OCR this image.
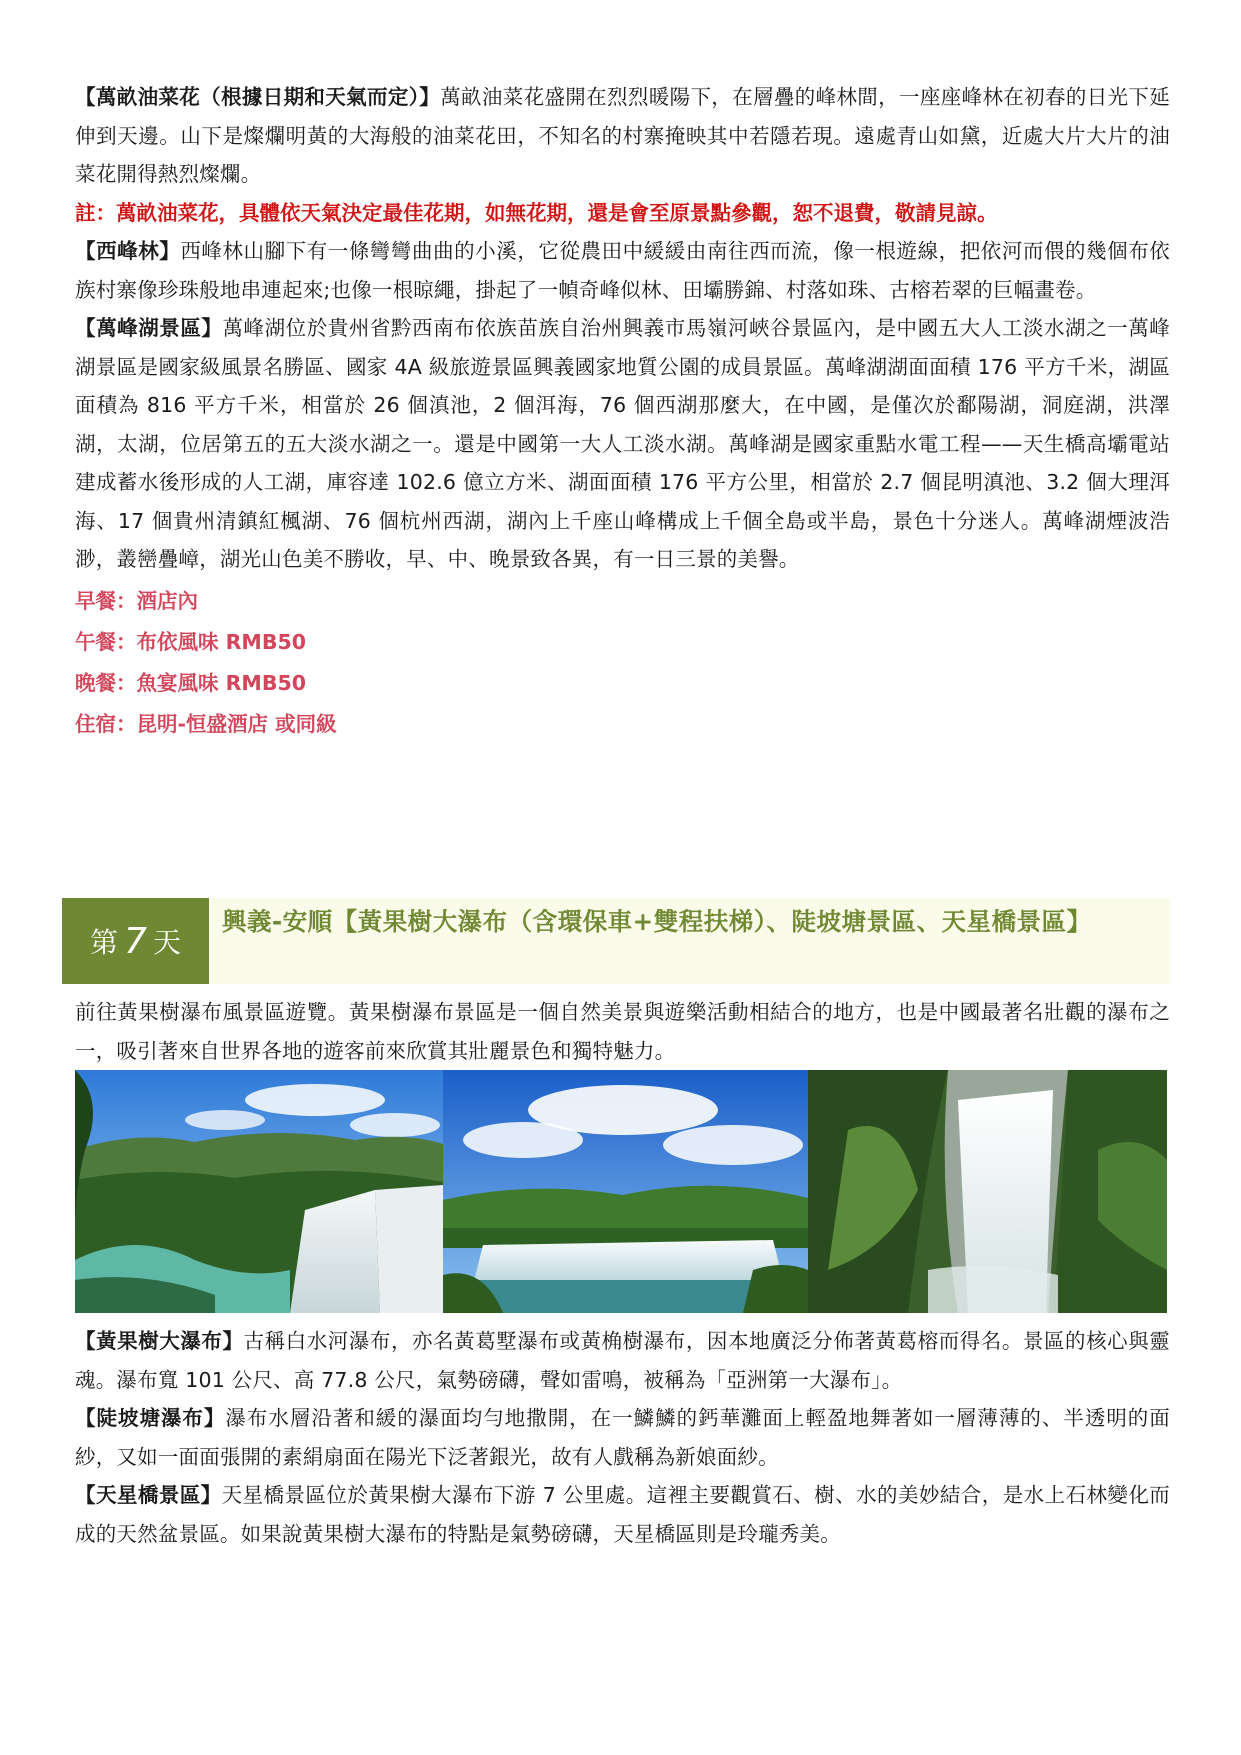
【萬畝油菜花（根據日期和天氣而定）】萬畝油菜花盛開在烈烈暖陽下，在層疊的峰林間，一座座峰林在初春的日光下延伸到天邊。山下是燦爛明黃的大海般的油菜花田，不知名的村寨掩映其中若隱若現。遠處青山如黛，近處大片大片的油菜花開得熱烈燦爛。

註：萬畝油菜花，具體依天氣決定最佳花期，如無花期，還是會至原景點參觀，恕不退費，敬請見諒。

【西峰林】西峰林山腳下有一條彎彎曲曲的小溪，它從農田中緩緩由南往西而流，像一根遊線，把依河而偎的幾個布依族村寨像珍珠般地串連起來;也像一根晾繩，掛起了一幀奇峰似林、田壩勝錦、村落如珠、古榕若翠的巨幅畫卷。

【萬峰湖景區】萬峰湖位於貴州省黔西南布依族苗族自治州興義市馬嶺河峽谷景區內，是中國五大人工淡水湖之一萬峰湖景區是國家級風景名勝區、國家 4A 級旅遊景區興義國家地質公園的成員景區。萬峰湖湖面面積 176 平方千米，湖區面積為 816 平方千米，相當於 26 個滇池，2 個洱海，76 個西湖那麼大，在中國，是僅次於鄱陽湖，洞庭湖，洪澤湖，太湖，位居第五的五大淡水湖之一。還是中國第一大人工淡水湖。萬峰湖是國家重點水電工程——天生橋高壩電站建成蓄水後形成的人工湖，庫容達 102.6 億立方米、湖面面積 176 平方公里，相當於 2.7 個昆明滇池、3.2 個大理洱海、17 個貴州清鎮紅楓湖、76 個杭州西湖，湖內上千座山峰構成上千個全島或半島，景色十分迷人。萬峰湖煙波浩渺，叢巒疊嶂，湖光山色美不勝收，早、中、晚景致各異，有一日三景的美譽。

早餐：酒店內

午餐：布依風味 RMB50

晚餐：魚宴風味 RMB50

住宿：昆明-恒盛酒店 或同級

第 7 天
興義-安順【黃果樹大瀑布（含環保車+雙程扶梯）、陡坡塘景區、天星橋景區】

前往黃果樹瀑布風景區遊覽。黃果樹瀑布景區是一個自然美景與遊樂活動相結合的地方，也是中國最著名壯觀的瀑布之一，吸引著來自世界各地的遊客前來欣賞其壯麗景色和獨特魅力。

【黃果樹大瀑布】古稱白水河瀑布，亦名黃葛墅瀑布或黃桷樹瀑布，因本地廣泛分佈著黃葛榕而得名。景區的核心與靈魂。瀑布寬 101 公尺、高 77.8 公尺，氣勢磅礴，聲如雷鳴，被稱為「亞洲第一大瀑布」。

【陡坡塘瀑布】瀑布水層沿著和緩的瀑面均勻地撒開，在一鱗鱗的鈣華灘面上輕盈地舞著如一層薄薄的、半透明的面紗，又如一面面張開的素絹扇面在陽光下泛著銀光，故有人戲稱為新娘面紗。

【天星橋景區】天星橋景區位於黃果樹大瀑布下游 7 公里處。這裡主要觀賞石、樹、水的美妙結合，是水上石林變化而成的天然盆景區。如果說黃果樹大瀑布的特點是氣勢磅礴，天星橋區則是玲瓏秀美。
